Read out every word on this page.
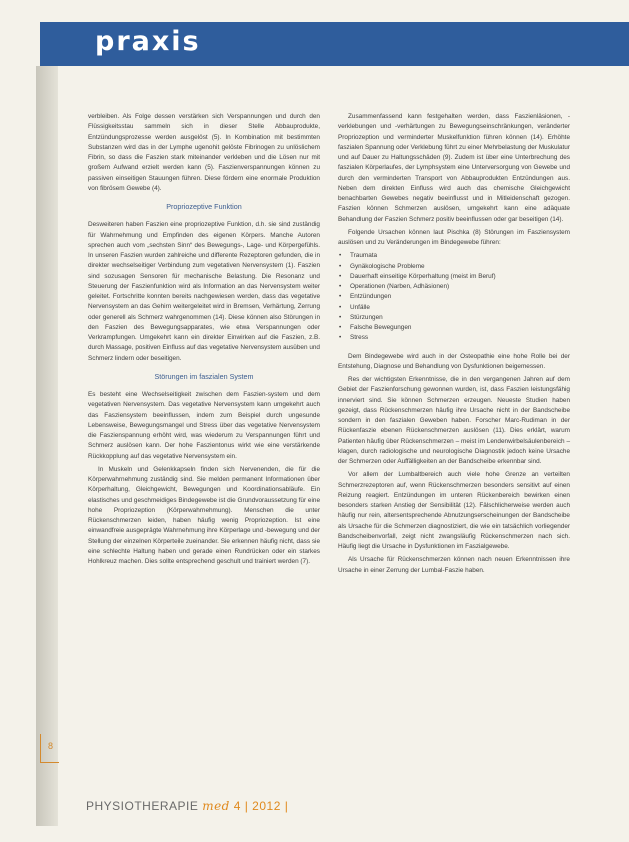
praxis

verbleiben. Als Folge dessen verstärken sich Verspannungen und durch den Flüssigkeitsstau sammeln sich in dieser Stelle Abbauprodukte, Entzündungsprozesse werden ausgelöst (5). In Kombination mit bestimmten Substanzen wird das in der Lymphe ugenohit gelöste Fibrinogen zu unlöslichem Fibrin, so dass die Faszien stark miteinander verkleben und die Lösen nur mit großem Aufwand erzielt werden kann (5). Faszienverspannungen können zu passiven einseitigen Stauungen führen. Diese fördern eine enormale Produktion von fibrösem Gewebe (4).

Propriozeptive Funktion

Desweiteren haben Faszien eine propriozeptive Funktion, d.h. sie sind zuständig für Wahrnehmung und Empfinden des eigenen Körpers. Manche Autoren sprechen auch vom „sechsten Sinn“ des Bewegungs-, Lage- und Körpergefühls. In unseren Faszien wurden zahlreiche und differente Rezeptoren gefunden, die in direkter wechselseitiger Verbindung zum vegetativen Nervensystem (1). Faszien sind sozusagen Sensoren für mechanische Belastung. Die Resonanz und Steuerung der Faszienfunktion wird als Information an das Nervensystem weiter geleitet. Fortschritte konnten bereits nachgewiesen werden, dass das vegetative Nervensystem an das Gehirn weitergeleitet wird in Bremsen, Verhärtung, Zerrung oder generell als Schmerz wahrgenommen (14). Diese können also Störungen in den Faszien des Bewegungsapparates, wie etwa Verspannungen oder Verkrampfungen. Umgekehrt kann ein direkter Einwirken auf die Faszien, z.B. durch Massage, positiven Einfluss auf das vegetative Nervensystem ausüben und Schmerz lindern oder beseitigen.

Störungen im faszialen System

Es besteht eine Wechselseitigkeit zwischen dem Faszien-system und dem vegetativen Nervensystem. Das vegetative Nervensystem kann umgekehrt auch das Fasziensystem beeinflussen, indem zum Beispiel durch ungesunde Lebensweise, Bewegungsmangel und Stress über das vegetative Nervensystem die Faszienspannung erhöht wird, was wiederum zu Verspannungen führt und Schmerz auslösen kann. Der hohe Faszientonus wirkt wie eine verstärkende Rückkopplung auf das vegetative Nervensystem ein.

In Muskeln und Gelenkkapseln finden sich Nervenenden, die für die Körperwahrnehmung zuständig sind. Sie melden permanent Informationen über Körperhaltung, Gleichgewicht, Bewegungen und Koordinationsabläufe. Ein elastisches und geschmeidiges Bindegewebe ist die Grundvoraussetzung für eine hohe Propriozeption (Körperwahrnehmung). Menschen die unter Rückenschmerzen leiden, haben häufig wenig Propriozeption. Ist eine einwandfreie ausgeprägte Wahrnehmung ihre Körperlage und -bewegung und der Stellung der einzelnen Körperteile zueinander. Sie erkennen häufig nicht, dass sie eine schlechte Haltung haben und gerade einen Rundrücken oder ein starkes Hohlkreuz machen. Dies sollte entsprechend geschult und trainiert werden (7).

Zusammenfassend kann festgehalten werden, dass Faszienläsionen, -verklebungen und -verhärtungen zu Bewegungseinschränkungen, veränderter Propriozeption und verminderter Muskelfunktion führen können (14). Erhöhte faszialen Spannung oder Verklebung führt zu einer Mehrbelastung der Muskulatur und auf Dauer zu Haltungsschäden (9). Zudem ist über eine Unterbrechung des faszialen Körperlaufes, der Lymphsystem eine Unterversorgung von Gewebe und durch den verminderten Transport von Abbauprodukten Entzündungen aus. Neben dem direkten Einfluss wird auch das chemische Gleichgewicht benachbarten Gewebes negativ beeinflusst und in Mitleidenschaft gezogen. Faszien können Schmerzen auslösen, umgekehrt kann eine adäquate Behandlung der Faszien Schmerz positiv beeinflussen oder gar beseitigen (14).

Folgende Ursachen können laut Pischka (8) Störungen im Fasziensystem auslösen und zu Veränderungen im Bindegewebe führen:

• Traumata
• Gynäkologische Probleme
• Dauerhaft einseitige Körperhaltung (meist im Beruf)
• Operationen (Narben, Adhäsionen)
• Entzündungen
• Unfälle
• Stürzungen
• Falsche Bewegungen
• Stress

Dem Bindegewebe wird auch in der Osteopathie eine hohe Rolle bei der Entstehung, Diagnose und Behandlung von Dysfunktionen beigemessen.

Res der wichtigsten Erkenntnisse, die in den vergangenen Jahren auf dem Gebiet der Faszienforschung gewonnen wurden, ist, dass Faszien leistungsfähig innerviert sind. Sie können Schmerzen erzeugen. Neueste Studien haben gezeigt, dass Rückenschmerzen häufig ihre Ursache nicht in der Bandscheibe sondern in den faszialen Geweben haben. Forscher Marc-Rudiman in der Rückenfaszie ebenen Rückenschmerzen auslösen (11). Dies erklärt, warum Patienten häufig über Rückenschmerzen – meist im Lendenwirbelsäulenbereich – klagen, durch radiologische und neurologische Diagnostik jedoch keine Ursache der Schmerzen oder Auffälligkeiten an der Bandscheibe erkennbar sind.

Vor allem der Lumbaltbereich auch viele hohe Grenze an verteilten Schmerzrezeptoren auf, wenn Rückenschmerzen besonders sensitivt auf einen Reizung reagiert. Entzündungen im unteren Rückenbereich bewirken einen besonders starken Anstieg der Sensibilität (12). Fälschlicherweise werden auch häufig nur rein, altersentsprechende Abnutzungserscheinungen der Bandscheibe als Ursache für die Schmerzen diagnostiziert, die wie ein tatsächlich vorliegender Bandscheibenvorfall, zeigt nicht zwangsläufig Rückenschmerzen nach sich. Häufig liegt die Ursache in Dysfunktionen im Faszialgewebe.

Als Ursache für Rückenschmerzen können nach neuen Erkenntnissen ihre Ursache in einer Zerrung der Lumbal-Faszie haben.

8
PHYSIOTHERAPIE med 4 | 2012 |
